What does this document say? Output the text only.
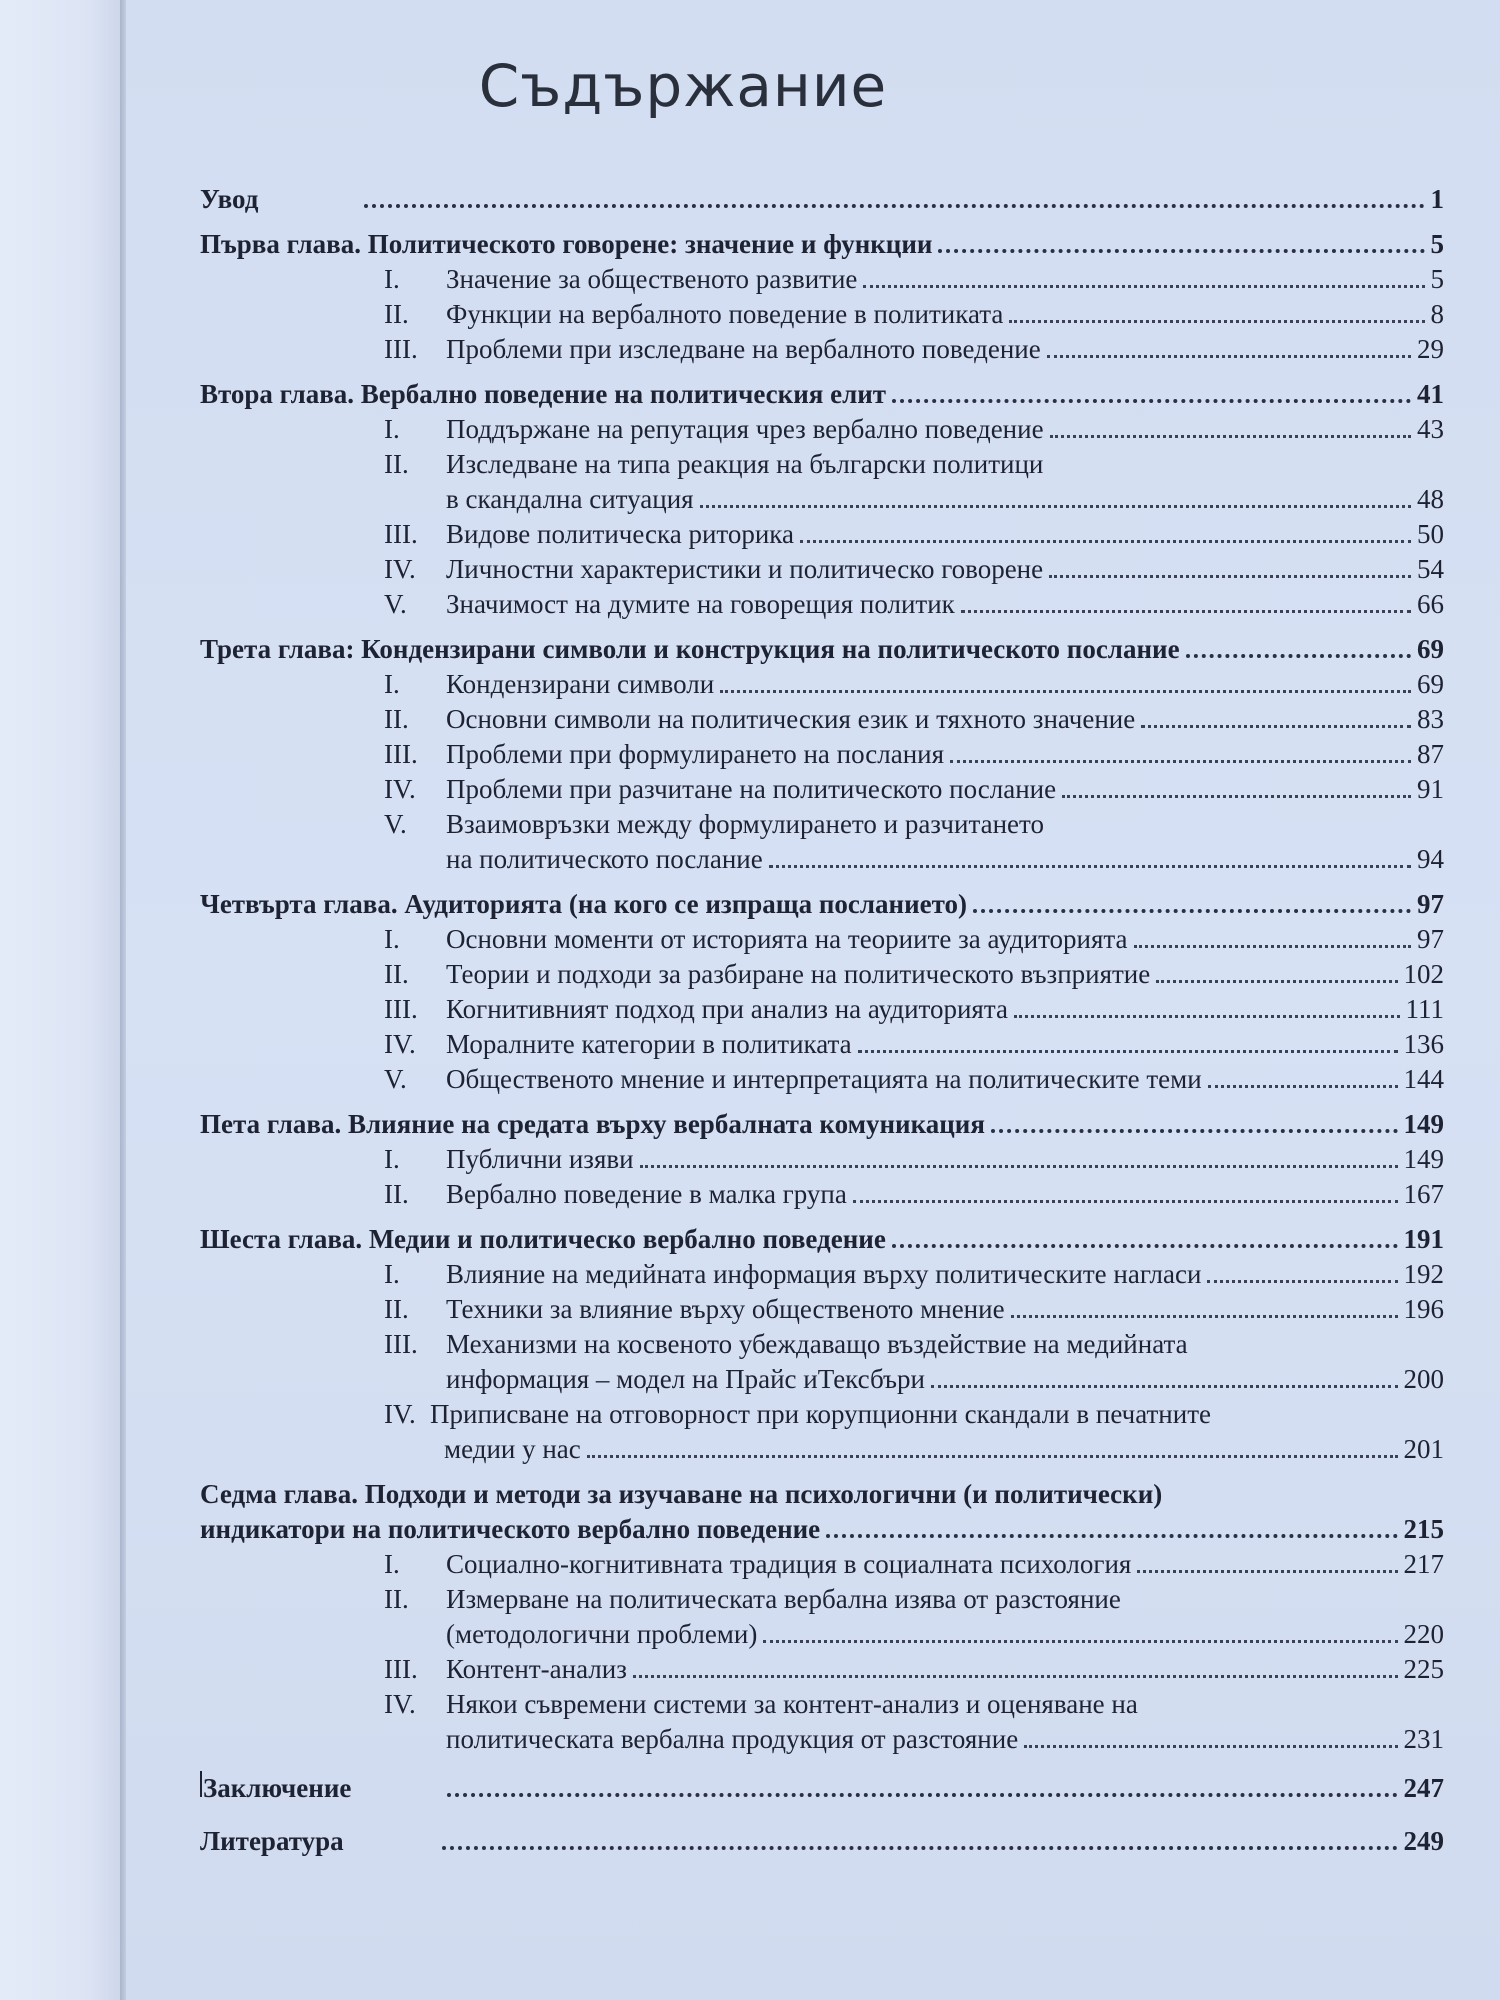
Съдържание
Увод	1
Първа глава. Политическото говорене: значение и функции	5
I.	Значение за общественото развитие	5
II.	Функции на вербалното поведение в политиката	8
III.	Проблеми при изследване на вербалното поведение	29
Втора глава. Вербално поведение на политическия елит	41
I.	Поддържане на репутация чрез вербално поведение	43
II.	Изследване на типа реакция на български политици
в скандална ситуация	48
III.	Видове политическа риторика	50
IV.	Личностни характеристики и политическо говорене	54
V.	Значимост на думите на говорещия политик	66
Трета глава: Кондензирани символи и конструкция на политическото послание	69
I.	Кондензирани символи	69
II.	Основни символи на политическия език и тяхното значение	83
III.	Проблеми при формулирането на послания	87
IV.	Проблеми при разчитане на политическото послание	91
V.	Взаимовръзки между формулирането и разчитането
на политическото послание	94
Четвърта глава. Аудиторията (на кого се изпраща посланието)	97
I.	Основни моменти от историята на теориите за аудиторията	97
II.	Теории и подходи за разбиране на политическото възприятие	102
III.	Когнитивният подход при анализ на аудиторията	111
IV.	Моралните категории в политиката	136
V.	Общественото мнение и интерпретацията на политическите теми	144
Пета глава. Влияние на средата върху вербалната комуникация	149
I.	Публични изяви	149
II.	Вербално поведение в малка група	167
Шеста глава. Медии и политическо вербално поведение	191
I.	Влияние на медийната информация върху политическите нагласи	192
II.	Техники за влияние върху общественото мнение	196
III.	Механизми на косвеното убеждаващо въздействие на медийната
информация – модел на Прайс иТексбъри	200
IV. Приписване на отговорност при корупционни скандали в печатните
медии у нас	201
Седма глава. Подходи и методи за изучаване на психологични (и политически)
индикатори на политическото вербално поведение	215
I.	Социално-когнитивната традиция в социалната психология	217
II.	Измерване на политическата вербална изява от разстояние
(методологични проблеми)	220
III.	Контент-анализ	225
IV.	Някои съвремени системи за контент-анализ и оценяване на
политическата вербална продукция от разстояние	231
Заключение	247
Литература	249
